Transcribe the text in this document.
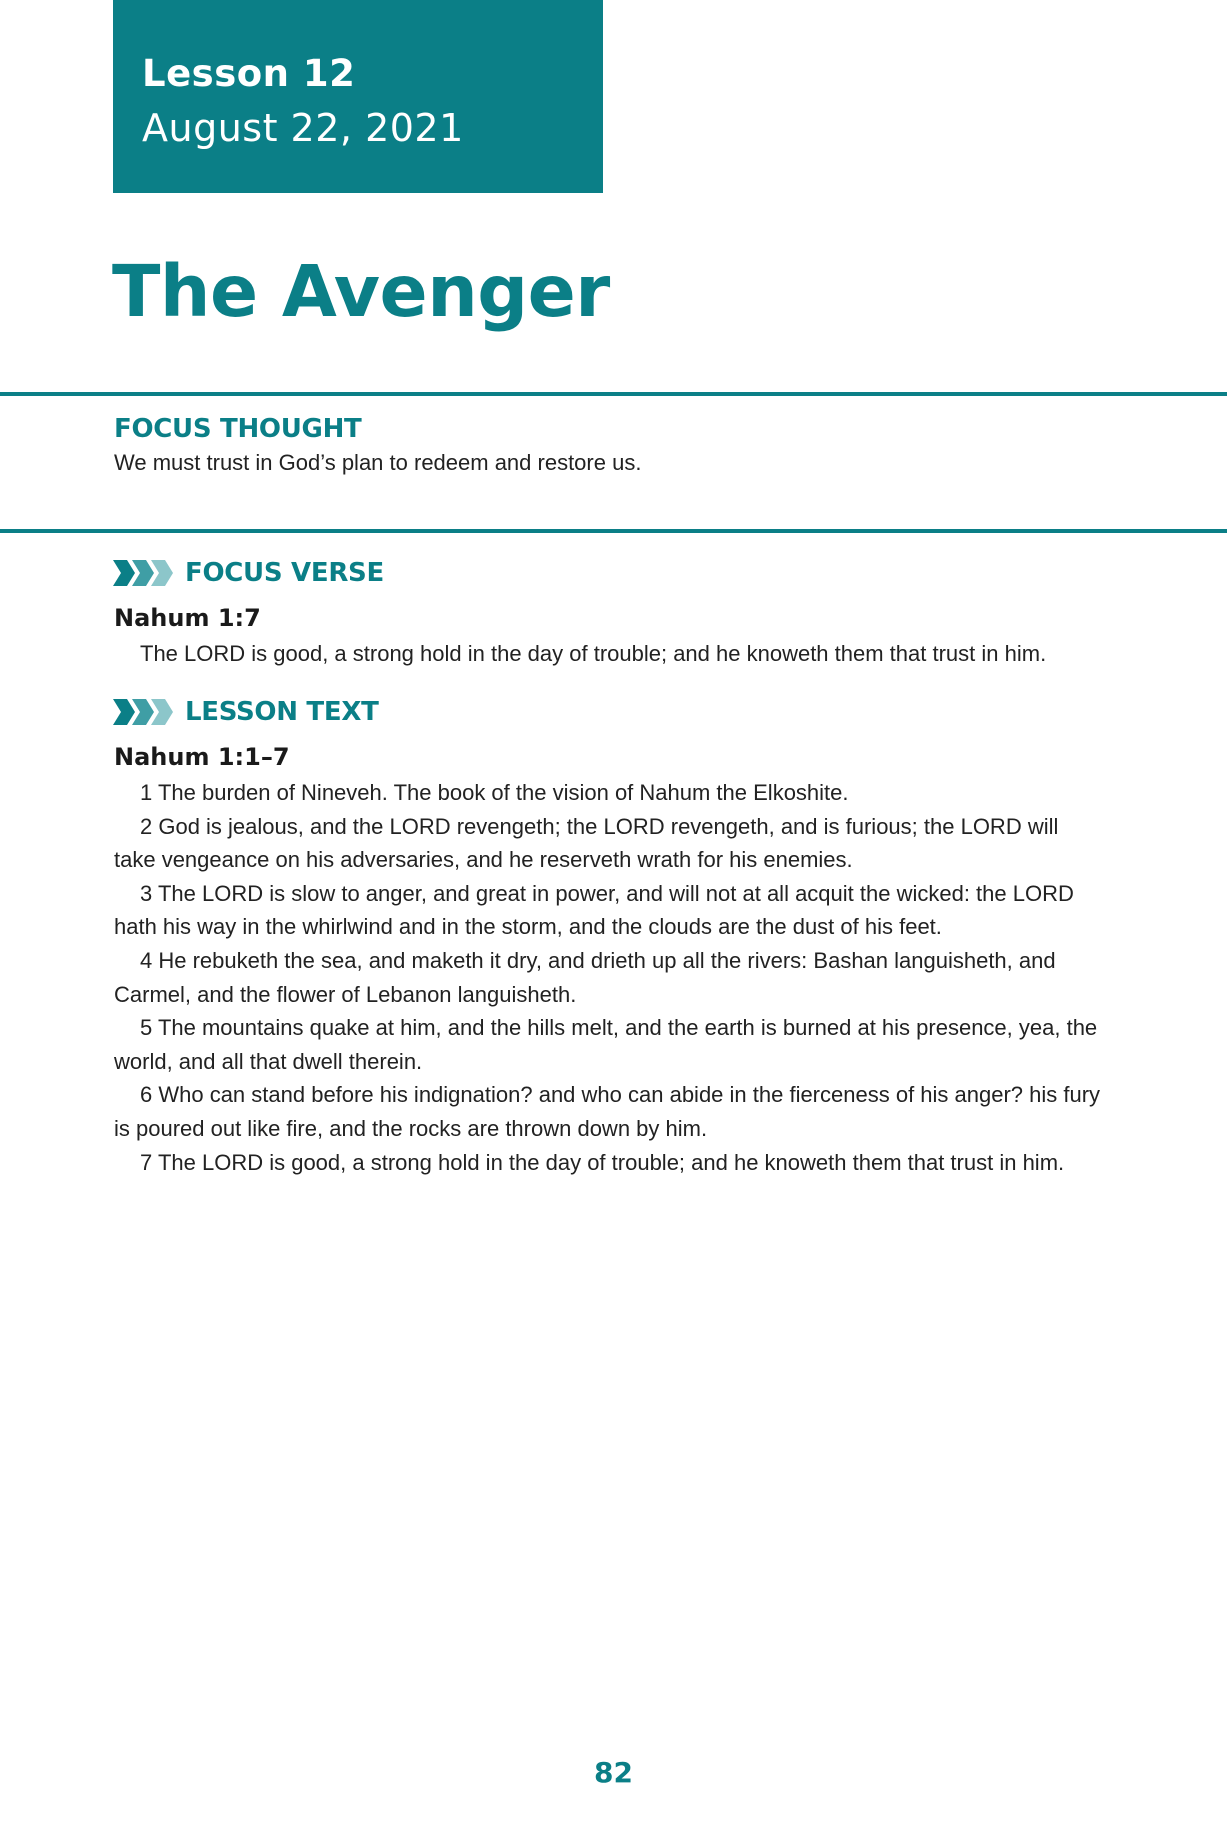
Lesson 12
August 22, 2021
The Avenger
FOCUS THOUGHT
We must trust in God’s plan to redeem and restore us.
FOCUS VERSE
Nahum 1:7
The LORD is good, a strong hold in the day of trouble; and he knoweth them that trust in him.
LESSON TEXT
Nahum 1:1–7

1 The burden of Nineveh. The book of the vision of Nahum the Elkoshite.

2 God is jealous, and the LORD revengeth; the LORD revengeth, and is furious; the LORD will take vengeance on his adversaries, and he reserveth wrath for his enemies.

3 The LORD is slow to anger, and great in power, and will not at all acquit the wicked: the LORD hath his way in the whirlwind and in the storm, and the clouds are the dust of his feet.

4 He rebuketh the sea, and maketh it dry, and drieth up all the rivers: Bashan languisheth, and Carmel, and the flower of Lebanon languisheth.

5 The mountains quake at him, and the hills melt, and the earth is burned at his presence, yea, the world, and all that dwell therein.

6 Who can stand before his indignation? and who can abide in the fierceness of his anger? his fury is poured out like fire, and the rocks are thrown down by him.

7 The LORD is good, a strong hold in the day of trouble; and he knoweth them that trust in him.

82
